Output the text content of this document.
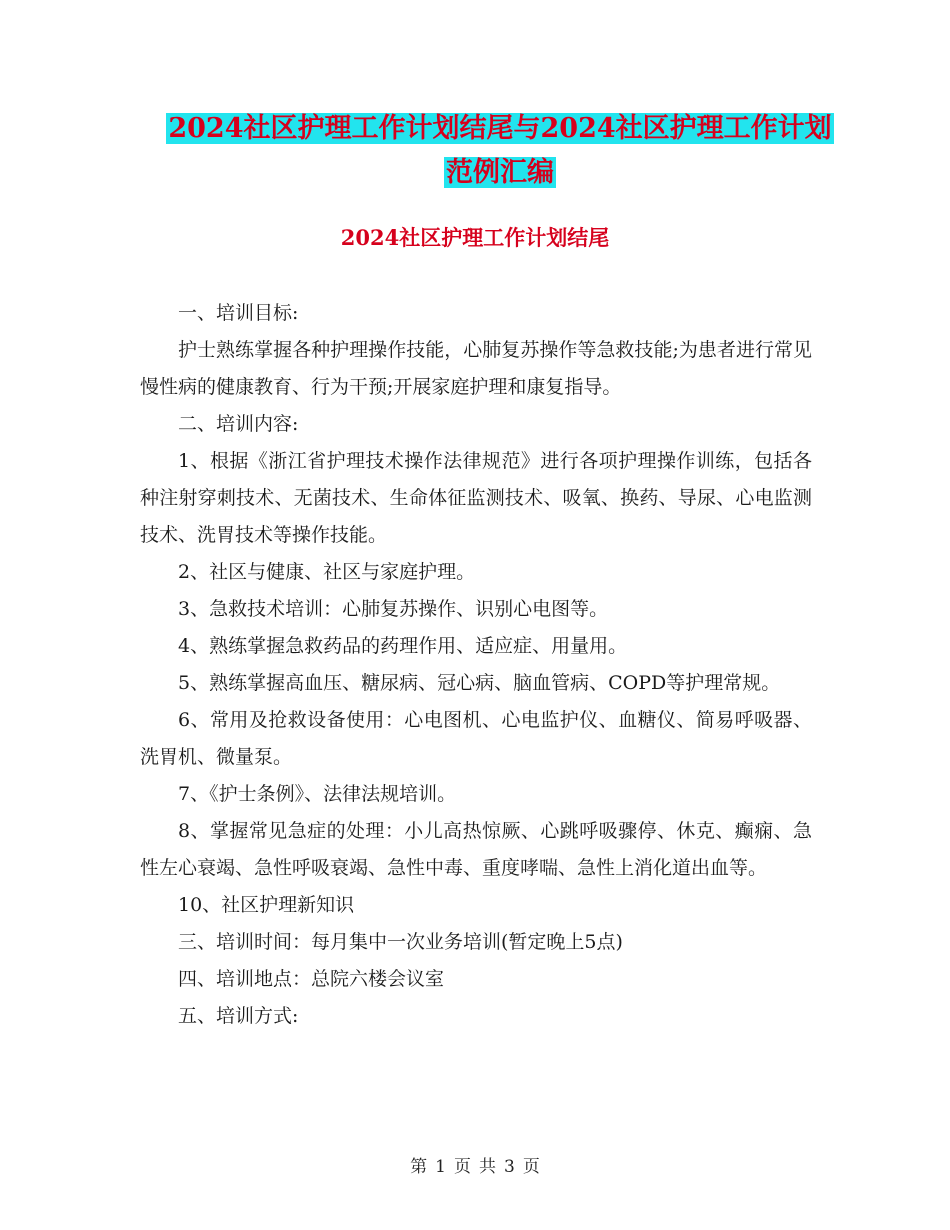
2024社区护理工作计划结尾与2024社区护理工作计划
范例汇编
2024社区护理工作计划结尾

一、培训目标:

护士熟练掌握各种护理操作技能，心肺复苏操作等急救技能;为患者进行常见慢性病的健康教育、行为干预;开展家庭护理和康复指导。

二、培训内容:

1、根据《浙江省护理技术操作法律规范》进行各项护理操作训练，包括各种注射穿刺技术、无菌技术、生命体征监测技术、吸氧、换药、导尿、心电监测技术、洗胃技术等操作技能。

2、社区与健康、社区与家庭护理。

3、急救技术培训：心肺复苏操作、识别心电图等。

4、熟练掌握急救药品的药理作用、适应症、用量用。

5、熟练掌握高血压、糖尿病、冠心病、脑血管病、COPD等护理常规。

6、常用及抢救设备使用：心电图机、心电监护仪、血糖仪、简易呼吸器、洗胃机、微量泵。

7、《护士条例》、法律法规培训。

8、掌握常见急症的处理：小儿高热惊厥、心跳呼吸骤停、休克、癫痫、急性左心衰竭、急性呼吸衰竭、急性中毒、重度哮喘、急性上消化道出血等。

10、社区护理新知识

三、培训时间：每月集中一次业务培训(暂定晚上5点)

四、培训地点：总院六楼会议室

五、培训方式:

第 1 页 共 3 页
